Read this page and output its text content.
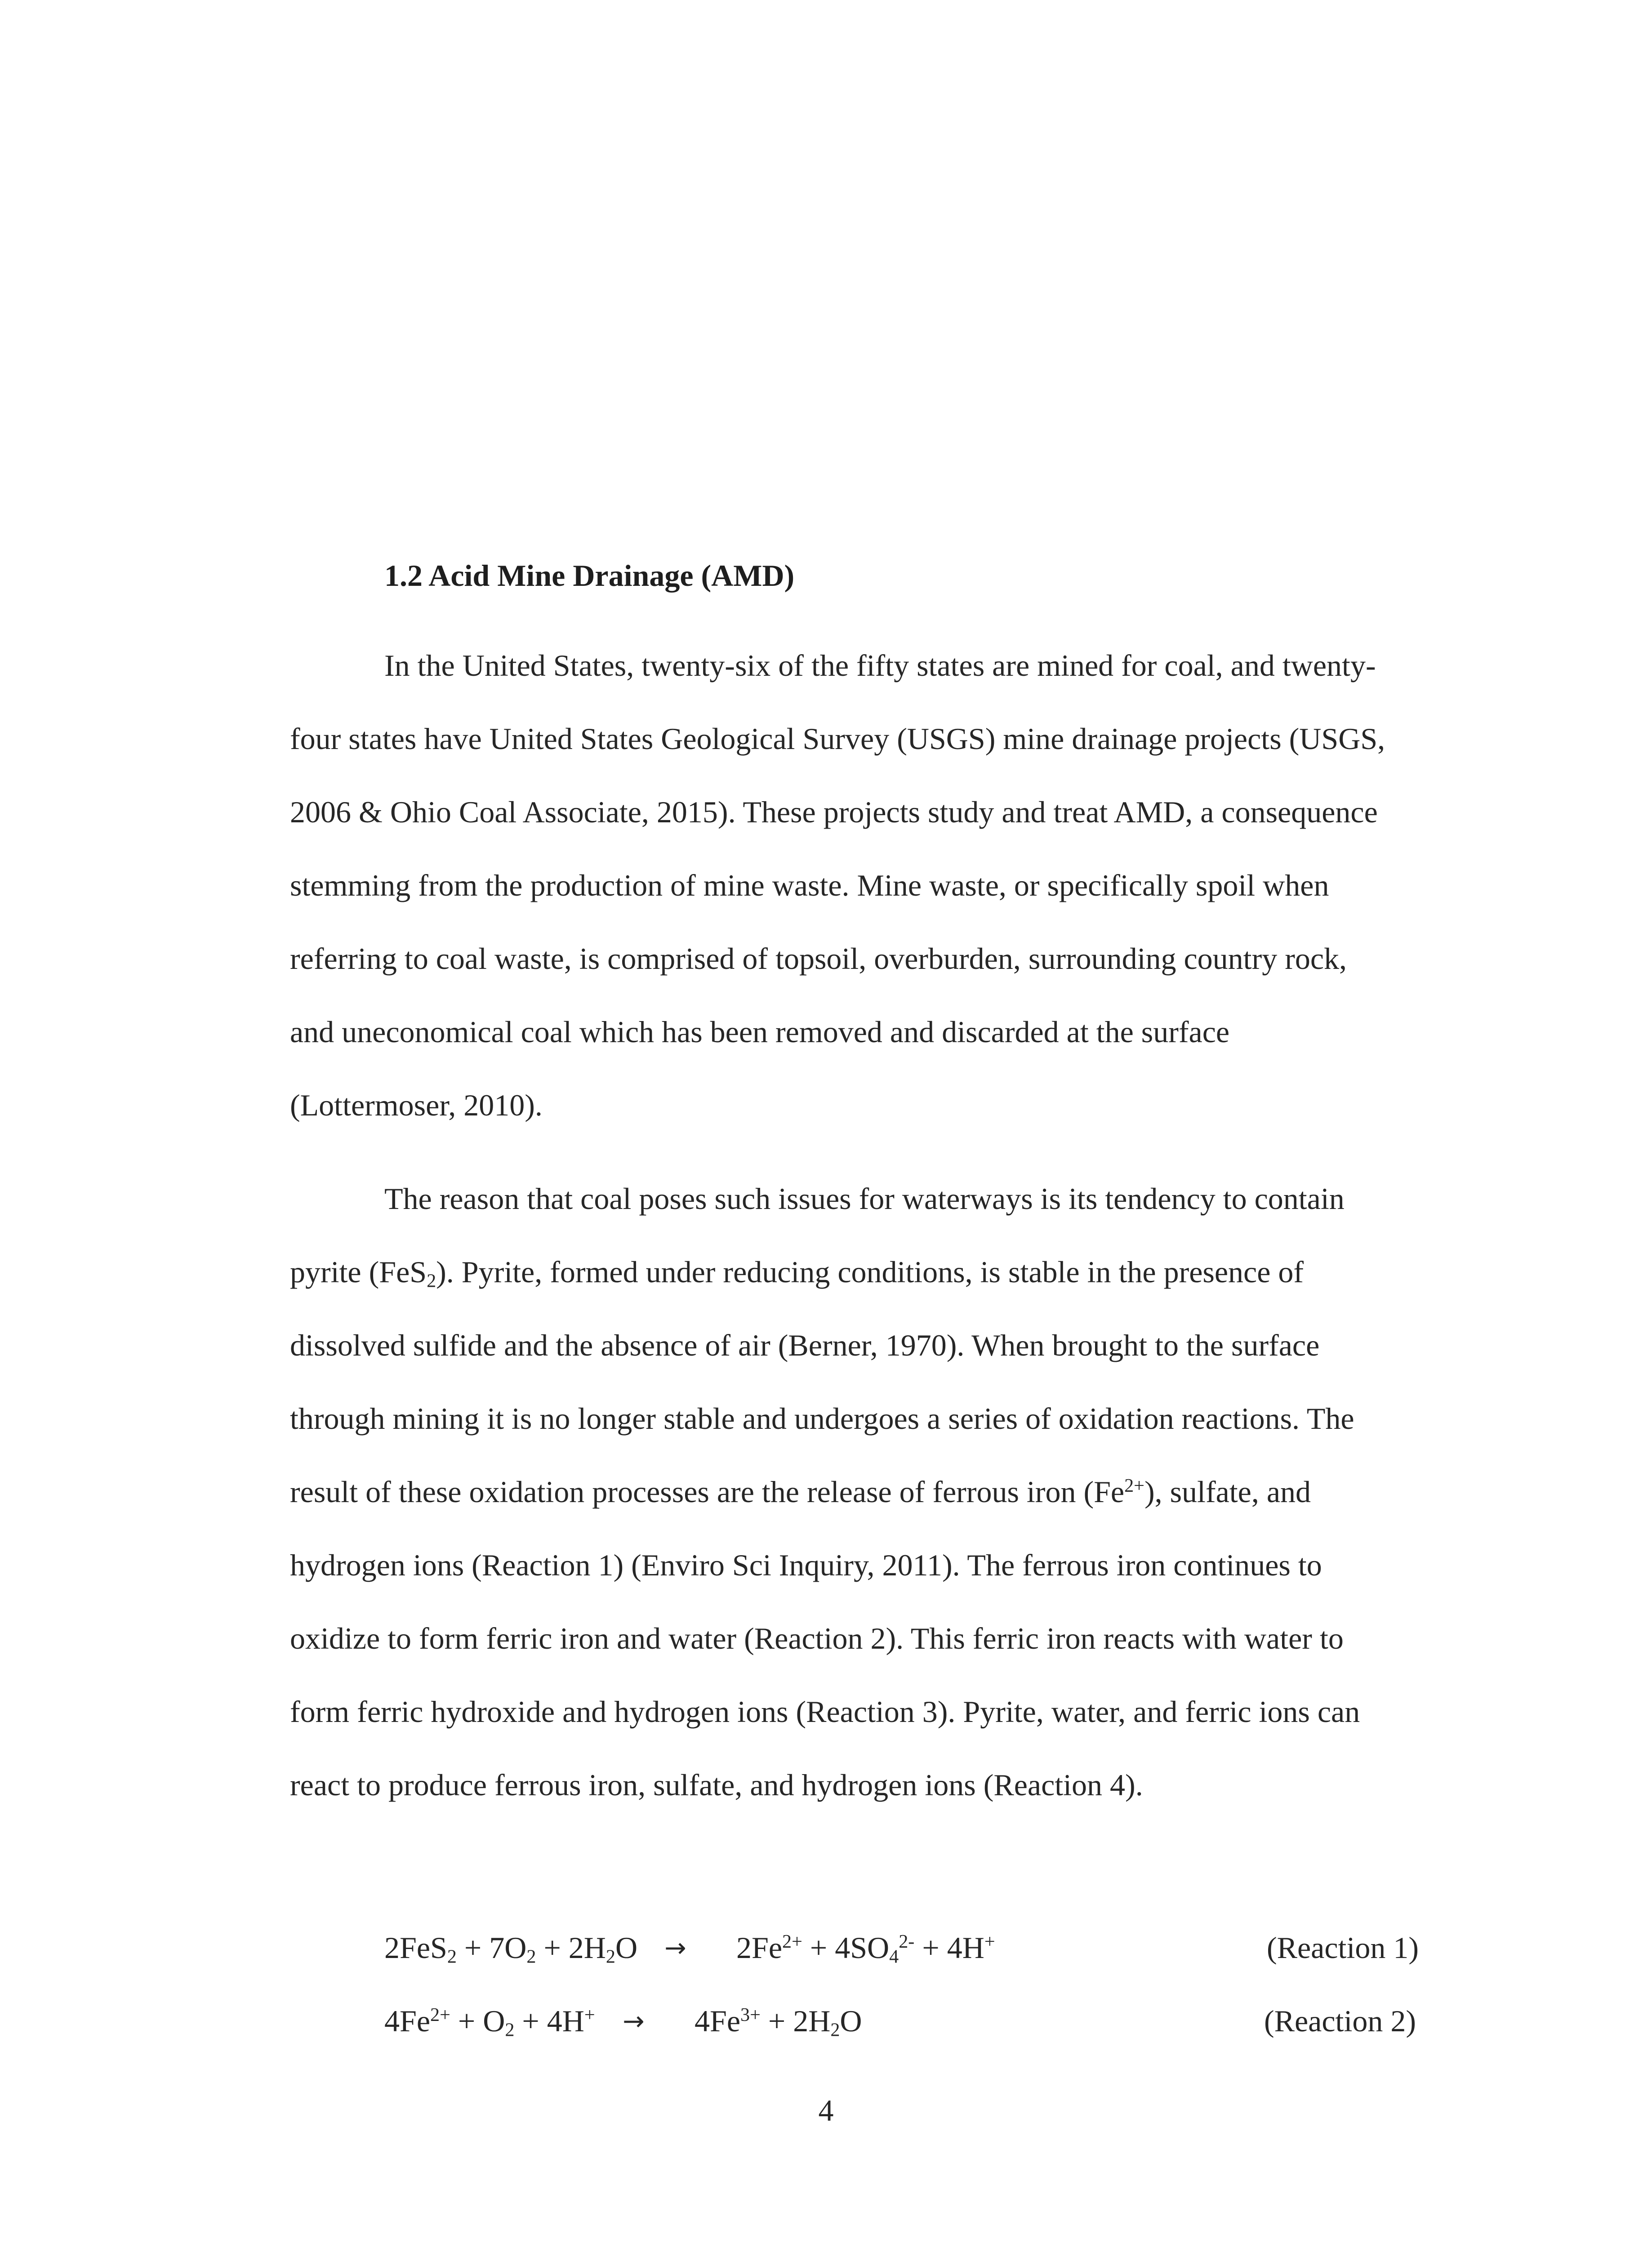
1.2 Acid Mine Drainage (AMD)

In the United States, twenty-six of the fifty states are mined for coal, and twenty-

four states have United States Geological Survey (USGS) mine drainage projects (USGS,

2006 & Ohio Coal Associate, 2015). These projects study and treat AMD, a consequence

stemming from the production of mine waste. Mine waste, or specifically spoil when

referring to coal waste, is comprised of topsoil, overburden, surrounding country rock,

and uneconomical coal which has been removed and discarded at the surface

(Lottermoser, 2010).

The reason that coal poses such issues for waterways is its tendency to contain

pyrite (FeS$_2$). Pyrite, formed under reducing conditions, is stable in the presence of

dissolved sulfide and the absence of air (Berner, 1970). When brought to the surface

through mining it is no longer stable and undergoes a series of oxidation reactions. The

result of these oxidation processes are the release of ferrous iron $(Fe^{2+})$, sulfate, and

hydrogen ions (Reaction 1) (Enviro Sci Inquiry, 2011). The ferrous iron continues to

oxidize to form ferric iron and water (Reaction 2). This ferric iron reacts with water to

form ferric hydroxide and hydrogen ions (Reaction 3). Pyrite, water, and ferric ions can

react to produce ferrous iron, sulfate, and hydrogen ions (Reaction 4).

$2FeS_2 + 7O_2 + 2H_2O \to 2Fe^{2+} + 4SO_4^{2-} + 4H^+$	(Reaction 1)
$4Fe^{2+} + O_2 + 4H^+ \to 4Fe^{3+} + 2H_2O$	(Reaction 2)
4
